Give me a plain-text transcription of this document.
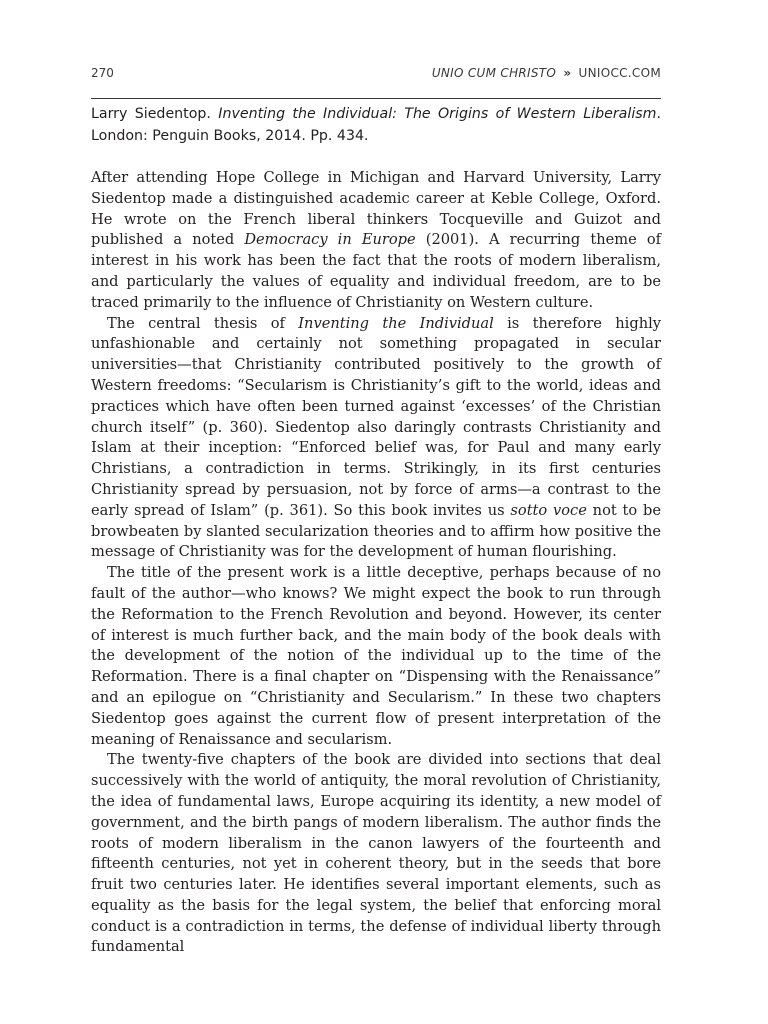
270	UNIO CUM CHRISTO » UNIOCC.COM
Larry Siedentop. Inventing the Individual: The Origins of Western Liberalism. London: Penguin Books, 2014. Pp. 434.

After attending Hope College in Michigan and Harvard University, Larry Siedentop made a distinguished academic career at Keble College, Oxford. He wrote on the French liberal thinkers Tocqueville and Guizot and published a noted Democracy in Europe (2001). A recurring theme of interest in his work has been the fact that the roots of modern liberalism, and particularly the values of equality and individual freedom, are to be traced primarily to the influence of Christianity on Western culture.

The central thesis of Inventing the Individual is therefore highly unfashionable and certainly not something propagated in secular universities—that Christianity contributed positively to the growth of Western freedoms: “Secularism is Christianity’s gift to the world, ideas and practices which have often been turned against ‘excesses’ of the Christian church itself” (p. 360). Siedentop also daringly contrasts Christianity and Islam at their inception: “Enforced belief was, for Paul and many early Christians, a contradiction in terms. Strikingly, in its first centuries Christianity spread by persuasion, not by force of arms—a contrast to the early spread of Islam” (p. 361). So this book invites us sotto voce not to be browbeaten by slanted secularization theories and to affirm how positive the message of Christianity was for the development of human flourishing.

The title of the present work is a little deceptive, perhaps because of no fault of the author—who knows? We might expect the book to run through the Reformation to the French Revolution and beyond. However, its center of interest is much further back, and the main body of the book deals with the development of the notion of the individual up to the time of the Reformation. There is a final chapter on “Dispensing with the Renaissance” and an epilogue on “Christianity and Secularism.” In these two chapters Siedentop goes against the current flow of present interpretation of the meaning of Renaissance and secularism.

The twenty-five chapters of the book are divided into sections that deal successively with the world of antiquity, the moral revolution of Christianity, the idea of fundamental laws, Europe acquiring its identity, a new model of government, and the birth pangs of modern liberalism. The author finds the roots of modern liberalism in the canon lawyers of the fourteenth and fifteenth centuries, not yet in coherent theory, but in the seeds that bore fruit two centuries later. He identifies several important elements, such as equality as the basis for the legal system, the belief that enforcing moral conduct is a contradiction in terms, the defense of individual liberty through fundamental
